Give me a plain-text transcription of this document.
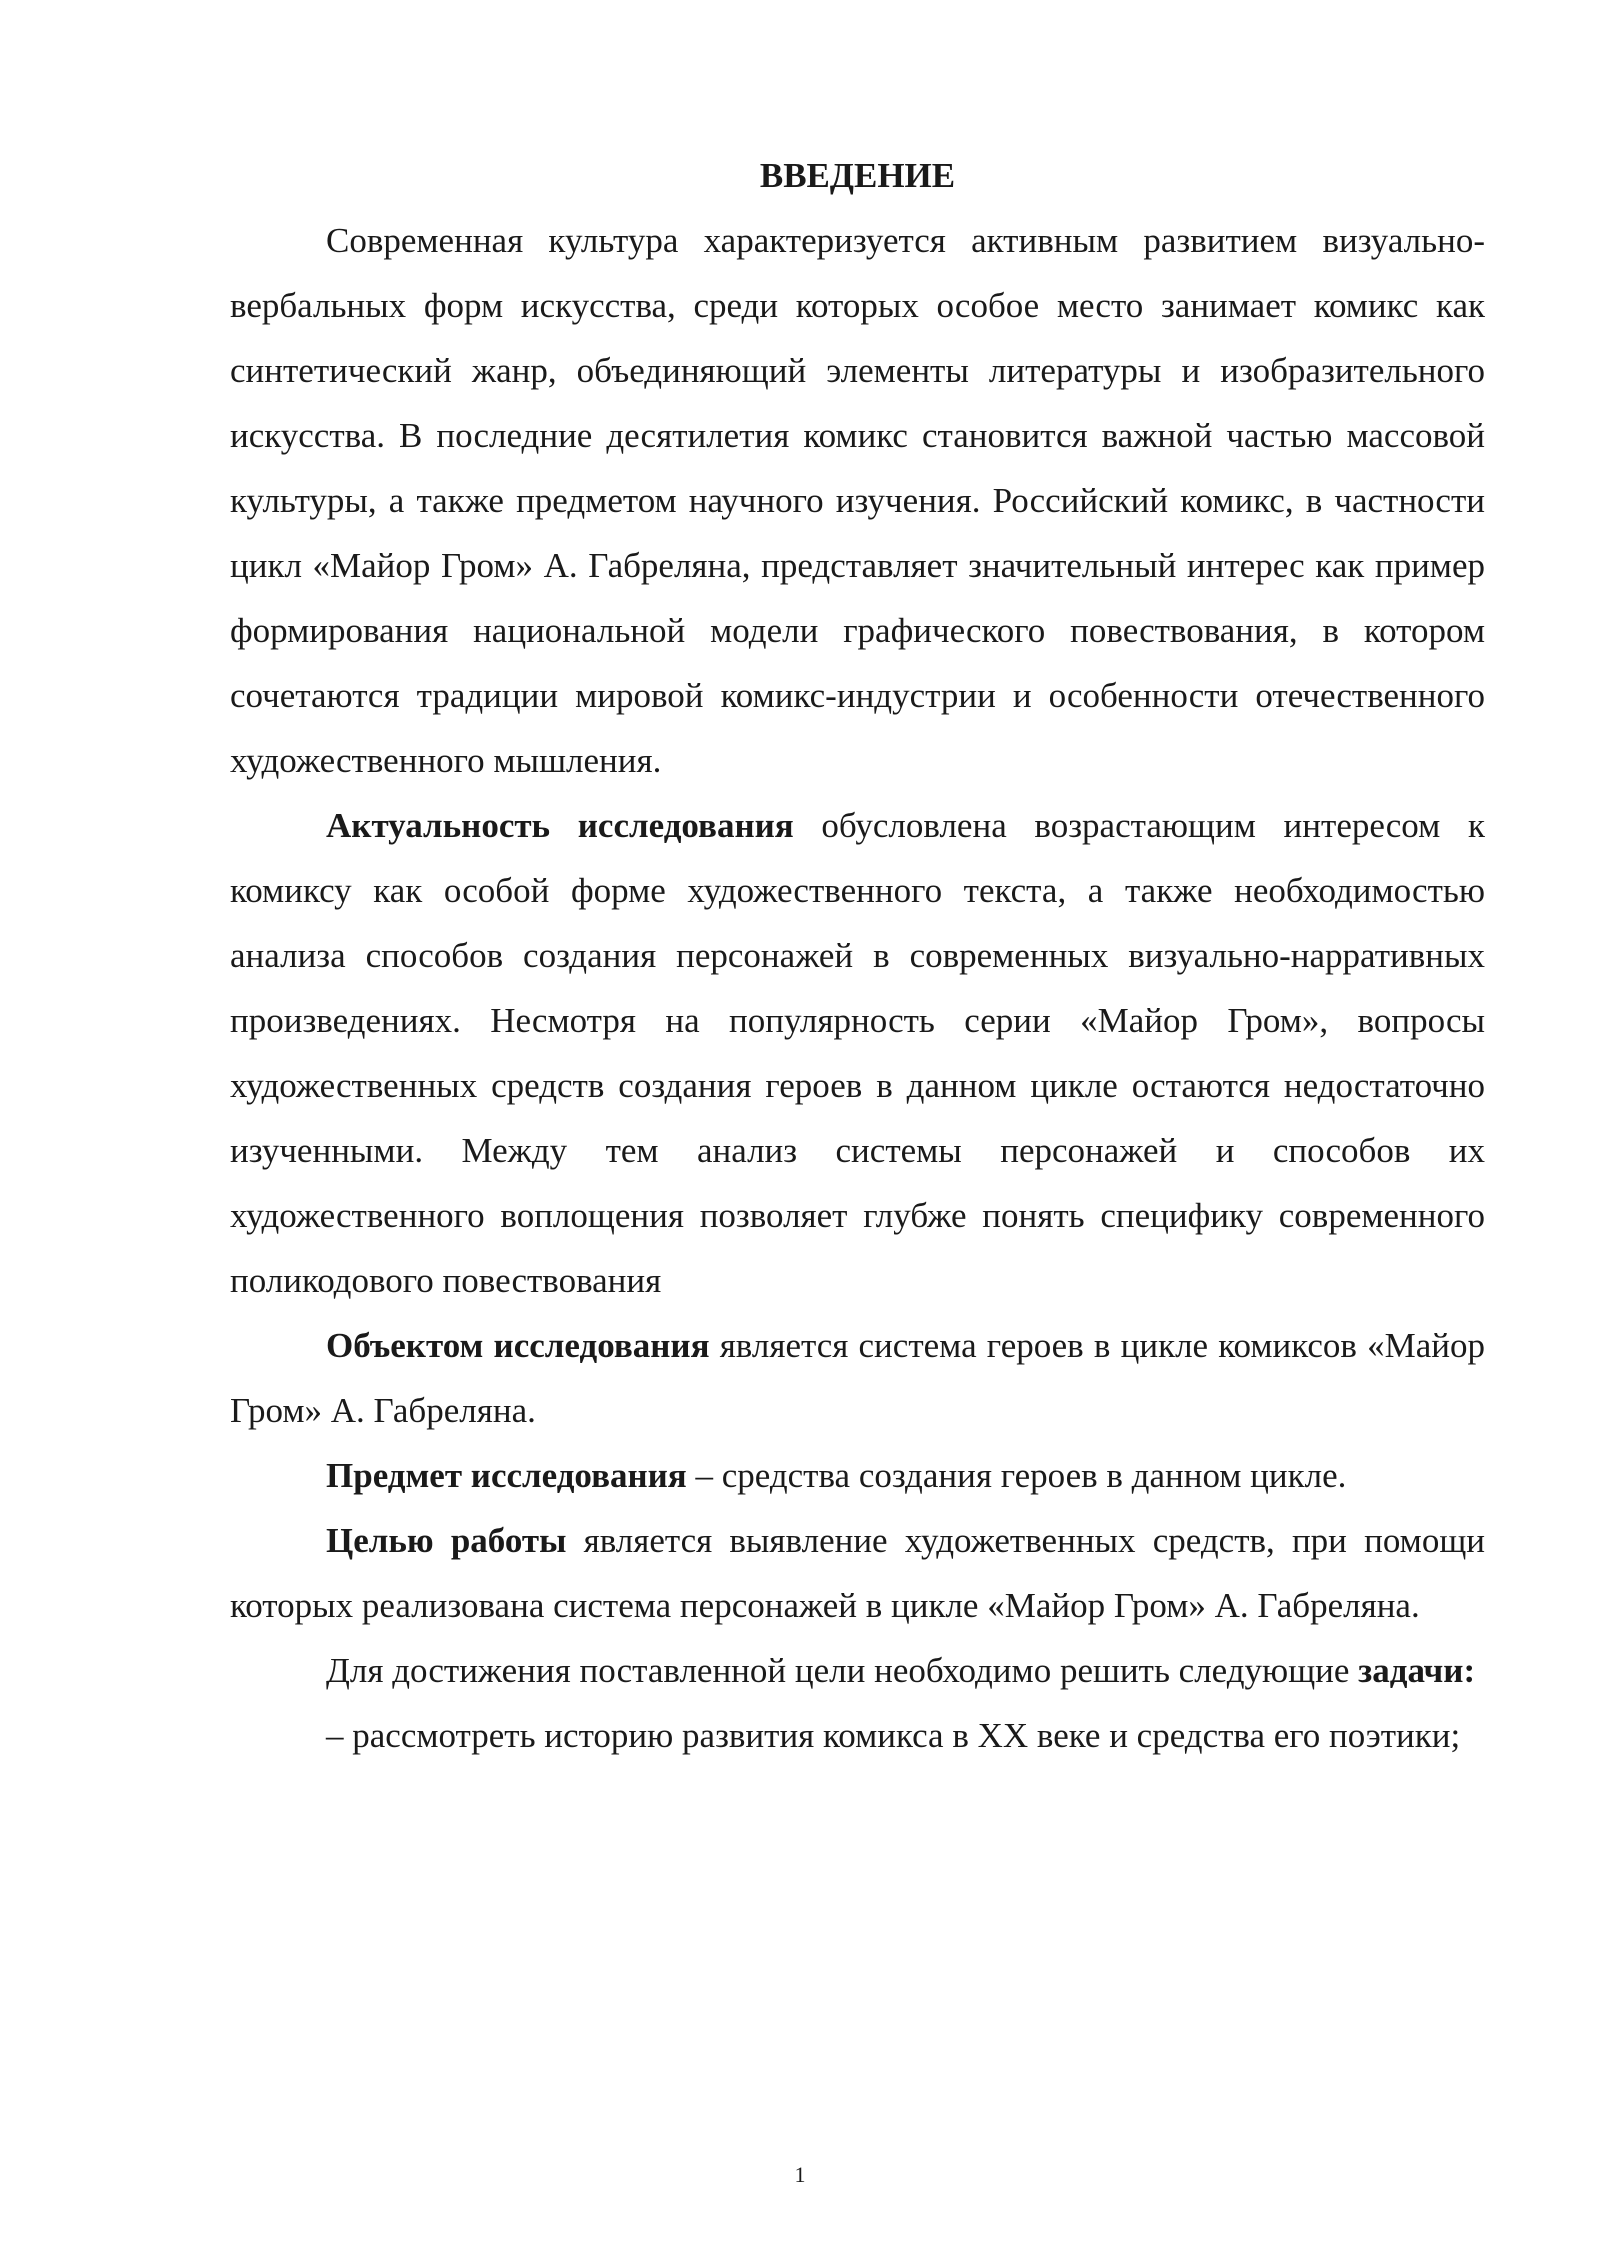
ВВЕДЕНИЕ

Современная культура характеризуется активным развитием визуально-вербальных форм искусства, среди которых особое место занимает комикс как синтетический жанр, объединяющий элементы литературы и изобразительного искусства. В последние десятилетия комикс становится важной частью массовой культуры, а также предметом научного изучения. Российский комикс, в частности цикл «Майор Гром» А. Габреляна, представляет значительный интерес как пример формирования национальной модели графического повествования, в котором сочетаются традиции мировой комикс-индустрии и особенности отечественного художественного мышления.

Актуальность исследования обусловлена возрастающим интересом к комиксу как особой форме художественного текста, а также необходимостью анализа способов создания персонажей в современных визуально-нарративных произведениях. Несмотря на популярность серии «Майор Гром», вопросы художественных средств создания героев в данном цикле остаются недостаточно изученными. Между тем анализ системы персонажей и способов их художественного воплощения позволяет глубже понять специфику современного поликодового повествования

Объектом исследования является система героев в цикле комиксов «Майор Гром» А. Габреляна.

Предмет исследования – средства создания героев в данном цикле.

Целью работы является выявление художетвенных средств, при помощи которых реализована система персонажей в цикле «Майор Гром» А. Габреляна.

Для достижения поставленной цели необходимо решить следующие задачи:

– рассмотреть историю развития комикса в XX веке и средства его поэтики;

1
